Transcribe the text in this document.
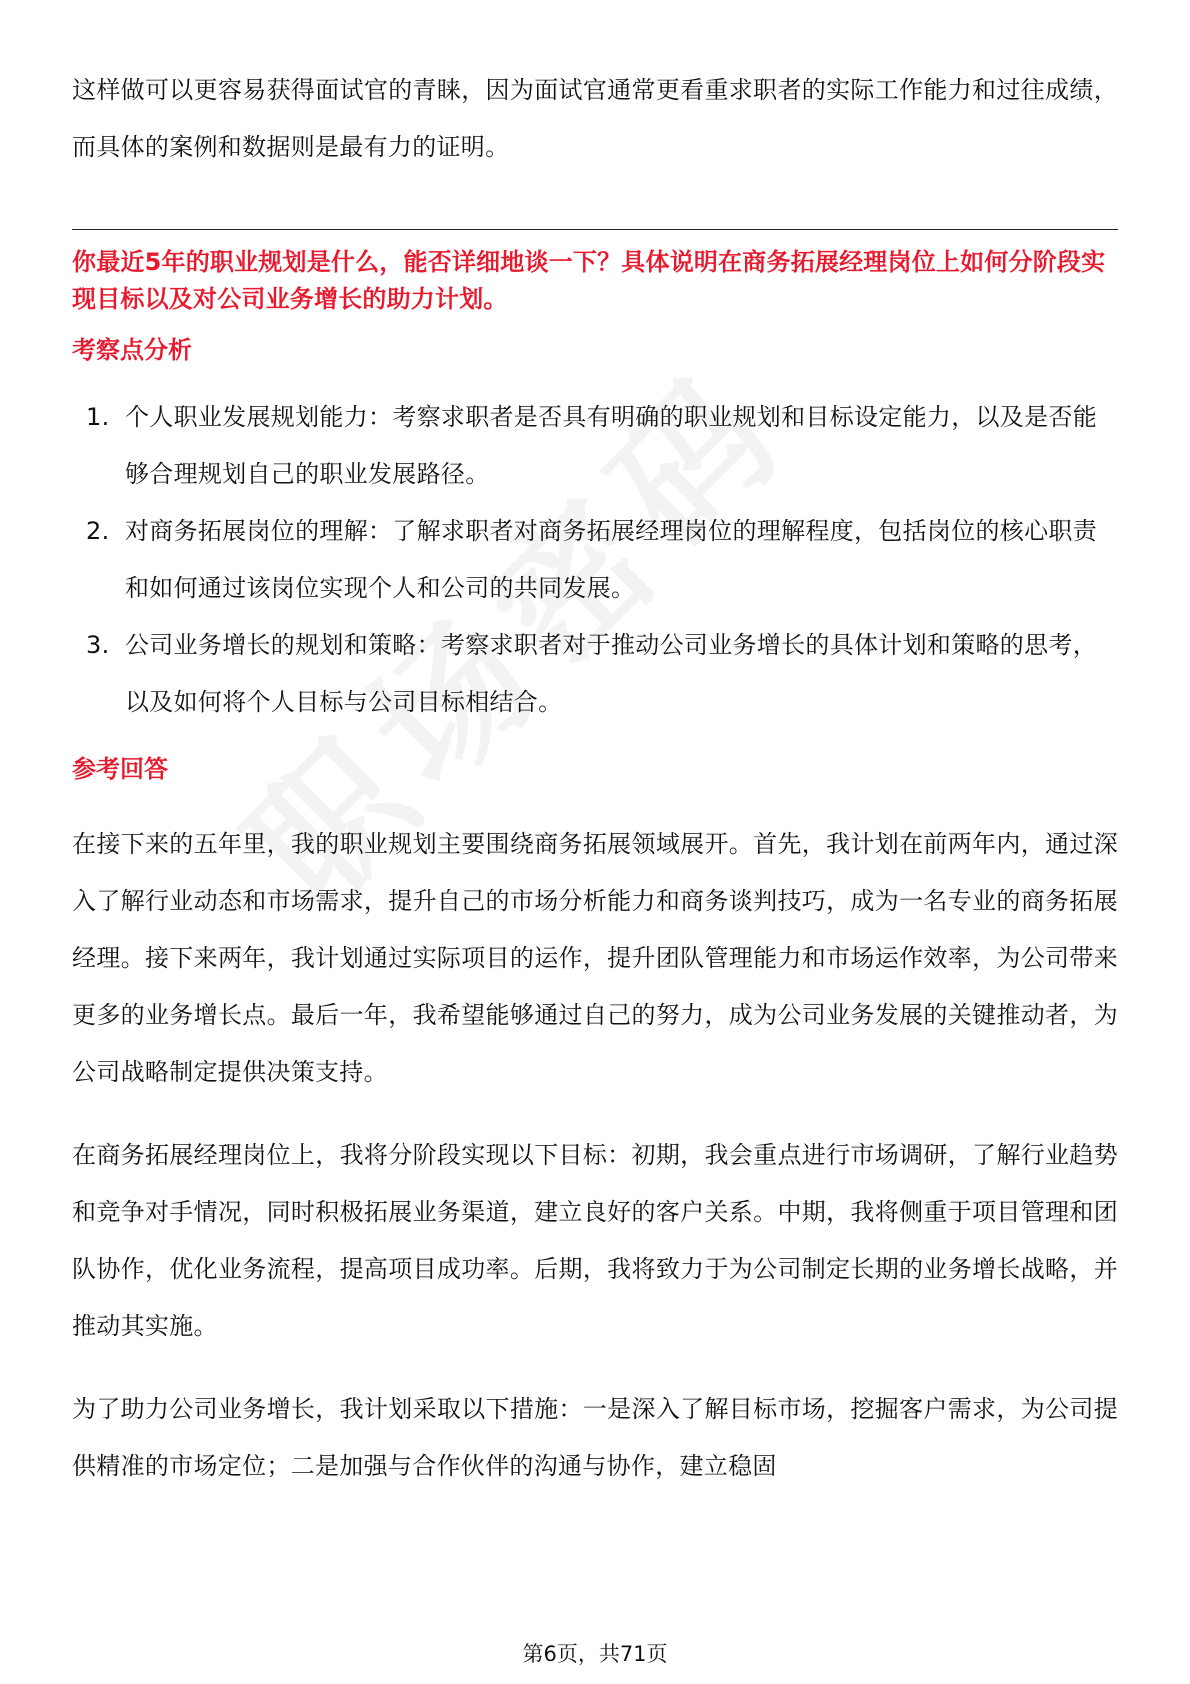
这样做可以更容易获得面试官的青睐，因为面试官通常更看重求职者的实际工作能力和过往成绩，而具体的案例和数据则是最有力的证明。

你最近5年的职业规划是什么，能否详细地谈一下？具体说明在商务拓展经理岗位上如何分阶段实现目标以及对公司业务增长的助力计划。

考察点分析

1. 个人职业发展规划能力：考察求职者是否具有明确的职业规划和目标设定能力，以及是否能够合理规划自己的职业发展路径。
2. 对商务拓展岗位的理解：了解求职者对商务拓展经理岗位的理解程度，包括岗位的核心职责和如何通过该岗位实现个人和公司的共同发展。
3. 公司业务增长的规划和策略：考察求职者对于推动公司业务增长的具体计划和策略的思考，以及如何将个人目标与公司目标相结合。

参考回答

在接下来的五年里，我的职业规划主要围绕商务拓展领域展开。首先，我计划在前两年内，通过深入了解行业动态和市场需求，提升自己的市场分析能力和商务谈判技巧，成为一名专业的商务拓展经理。接下来两年，我计划通过实际项目的运作，提升团队管理能力和市场运作效率，为公司带来更多的业务增长点。最后一年，我希望能够通过自己的努力，成为公司业务发展的关键推动者，为公司战略制定提供决策支持。

在商务拓展经理岗位上，我将分阶段实现以下目标：初期，我会重点进行市场调研，了解行业趋势和竞争对手情况，同时积极拓展业务渠道，建立良好的客户关系。中期，我将侧重于项目管理和团队协作，优化业务流程，提高项目成功率。后期，我将致力于为公司制定长期的业务增长战略，并推动其实施。

为了助力公司业务增长，我计划采取以下措施：一是深入了解目标市场，挖掘客户需求，为公司提供精准的市场定位；二是加强与合作伙伴的沟通与协作，建立稳固

第6页，共71页
